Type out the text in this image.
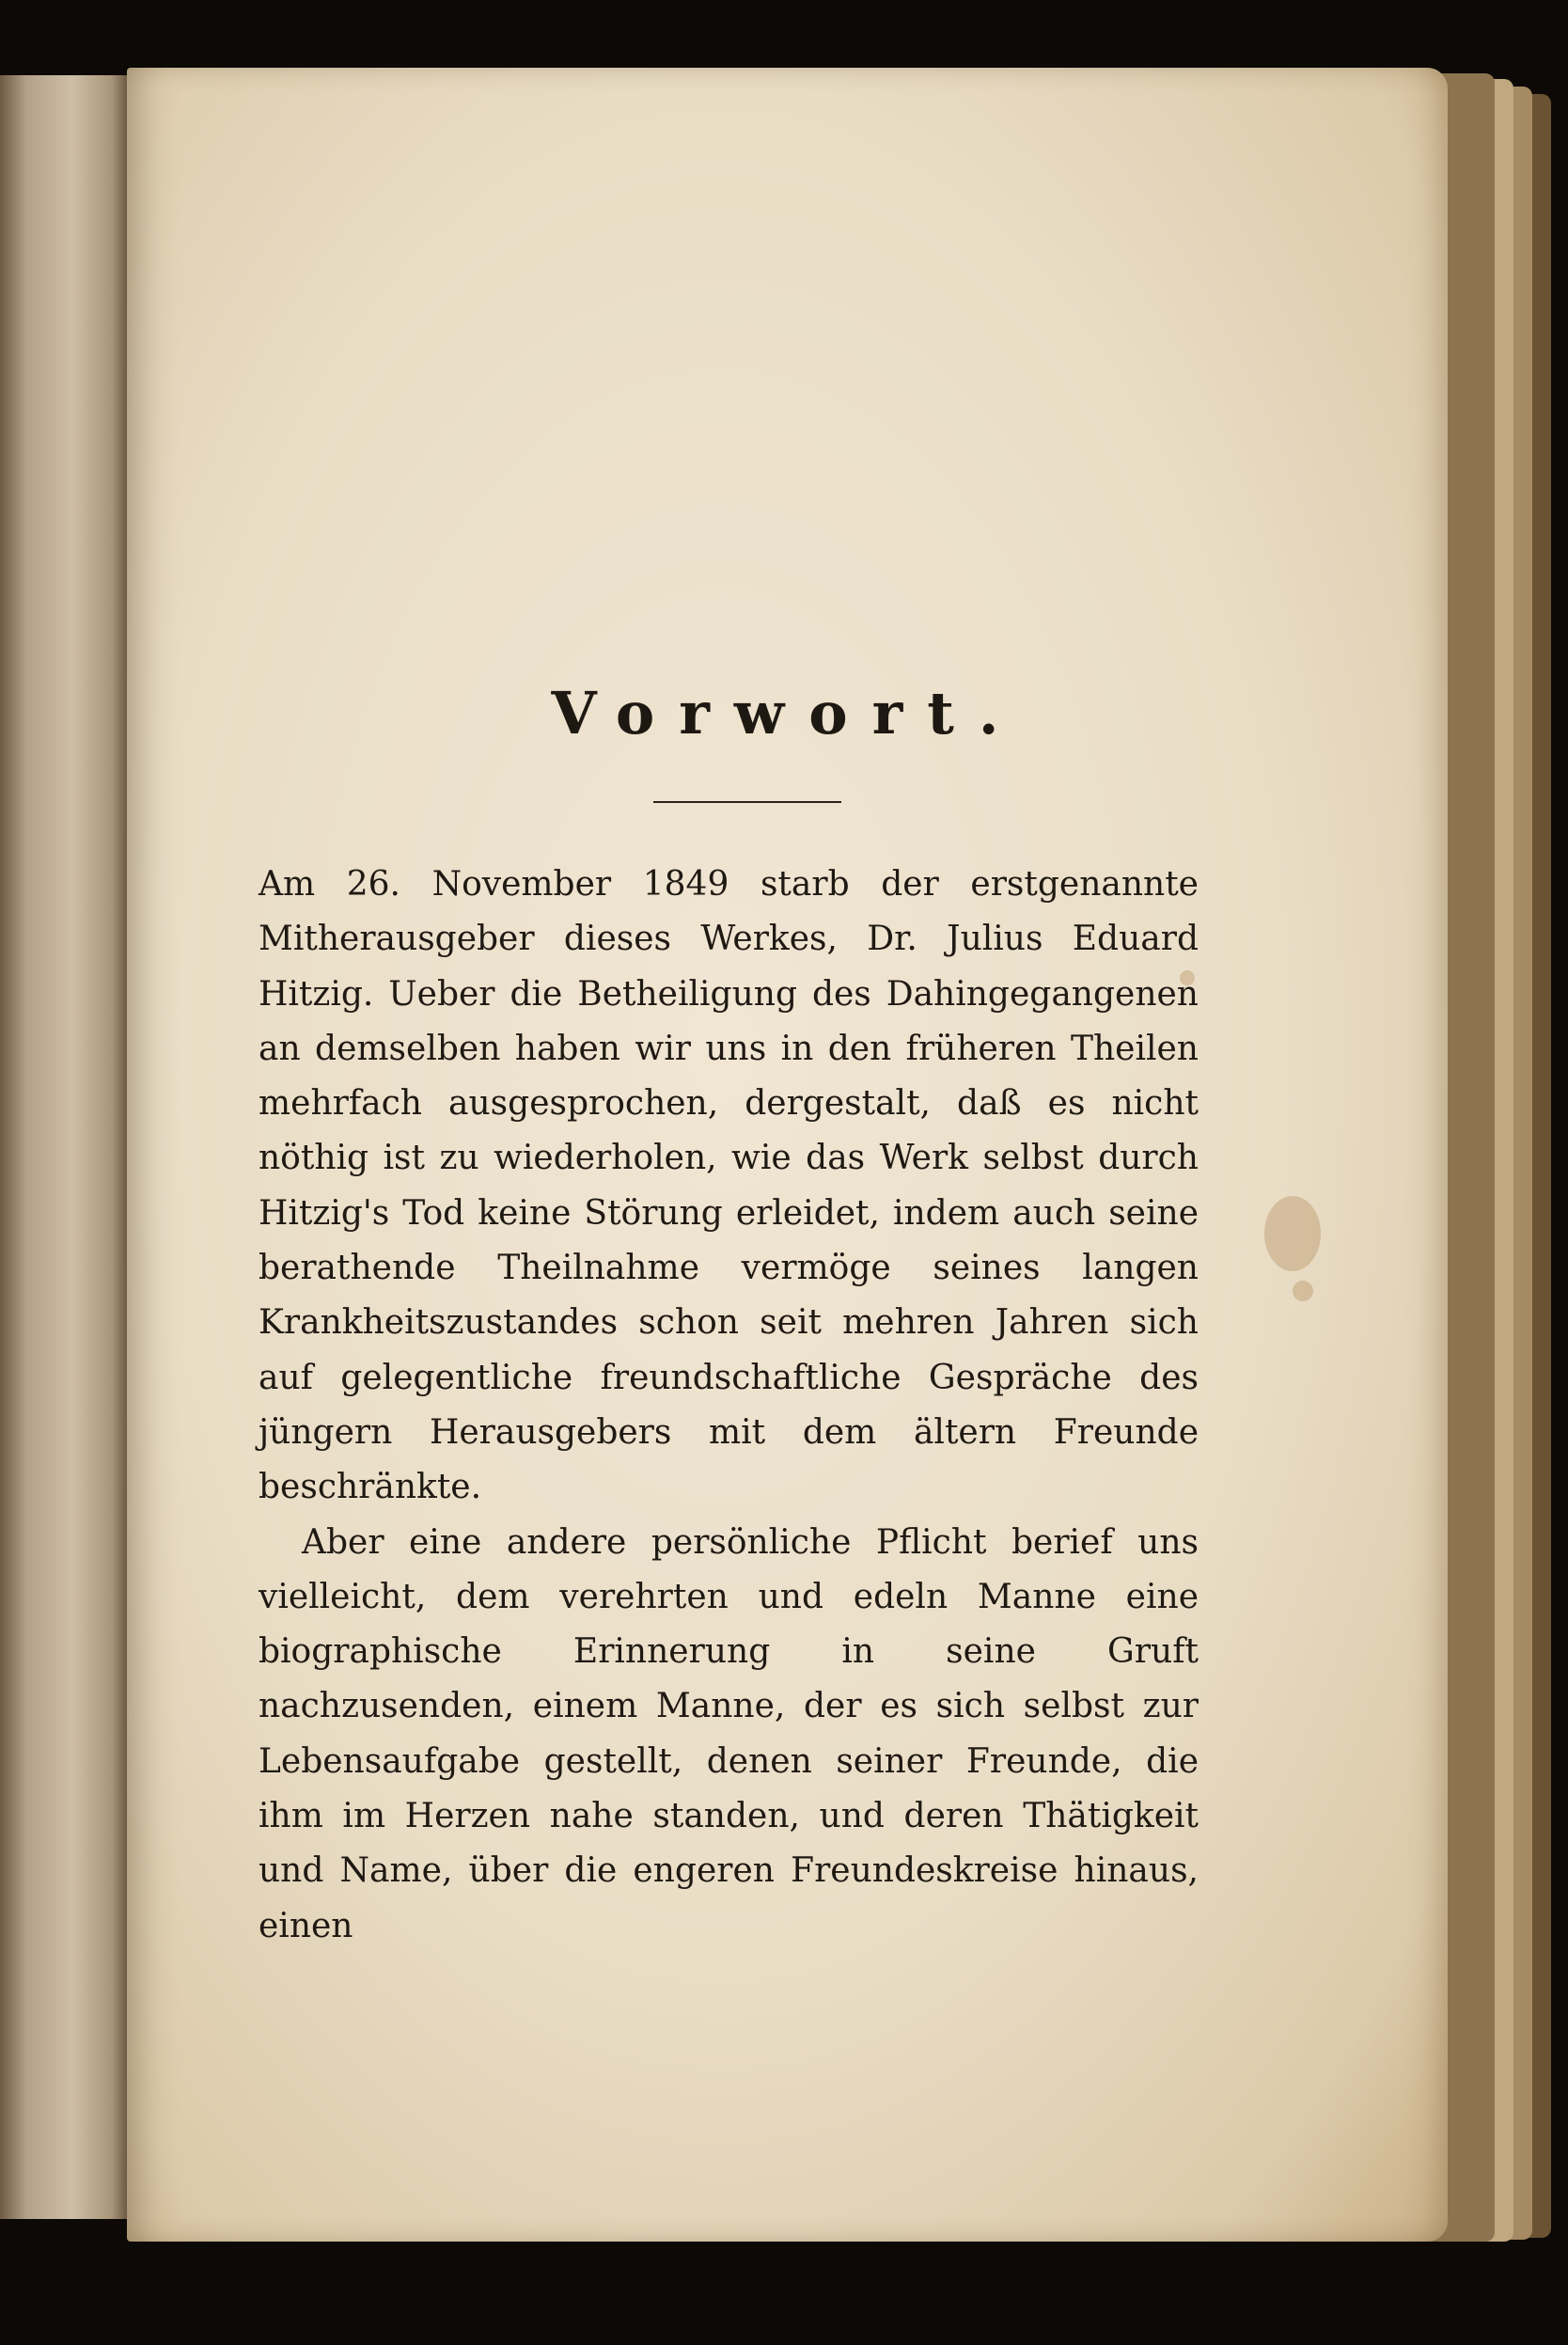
Vorwort.

Am 26. November 1849 starb der erstgenannte Mitherausgeber dieses Werkes, Dr. Julius Eduard Hitzig. Ueber die Betheiligung des Dahingegangenen an demselben haben wir uns in den früheren Theilen mehrfach ausgesprochen, dergestalt, daß es nicht nöthig ist zu wiederholen, wie das Werk selbst durch Hitzig's Tod keine Störung erleidet, indem auch seine berathende Theilnahme vermöge seines langen Krankheitszustandes schon seit mehren Jahren sich auf gelegentliche freundschaftliche Gespräche des jüngern Herausgebers mit dem ältern Freunde beschränkte.

Aber eine andere persönliche Pflicht berief uns vielleicht, dem verehrten und edeln Manne eine biographische Erinnerung in seine Gruft nachzusenden, einem Manne, der es sich selbst zur Lebensaufgabe gestellt, denen seiner Freunde, die ihm im Herzen nahe standen, und deren Thätigkeit und Name, über die engeren Freundeskreise hinaus, einen
